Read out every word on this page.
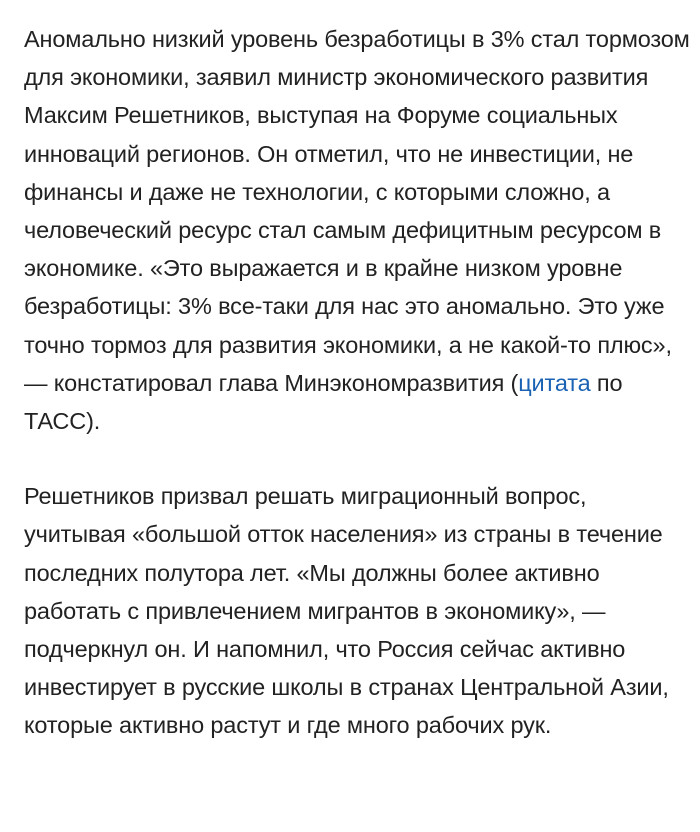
Аномально низкий уровень безработицы в 3% стал тормозом для экономики, заявил министр экономического развития Максим Решетников, выступая на Форуме социальных инноваций регионов. Он отметил, что не инвестиции, не финансы и даже не технологии, с которыми сложно, а человеческий ресурс стал самым дефицитным ресурсом в экономике. «Это выражается и в крайне низком уровне безработицы: 3% все-таки для нас это аномально. Это уже точно тормоз для развития экономики, а не какой-то плюс», — констатировал глава Минэкономразвития (цитата по ТАСС).

Решетников призвал решать миграционный вопрос, учитывая «большой отток населения» из страны в течение последних полутора лет. «Мы должны более активно работать с привлечением мигрантов в экономику», — подчеркнул он. И напомнил, что Россия сейчас активно инвестирует в русские школы в странах Центральной Азии, которые активно растут и где много рабочих рук.
